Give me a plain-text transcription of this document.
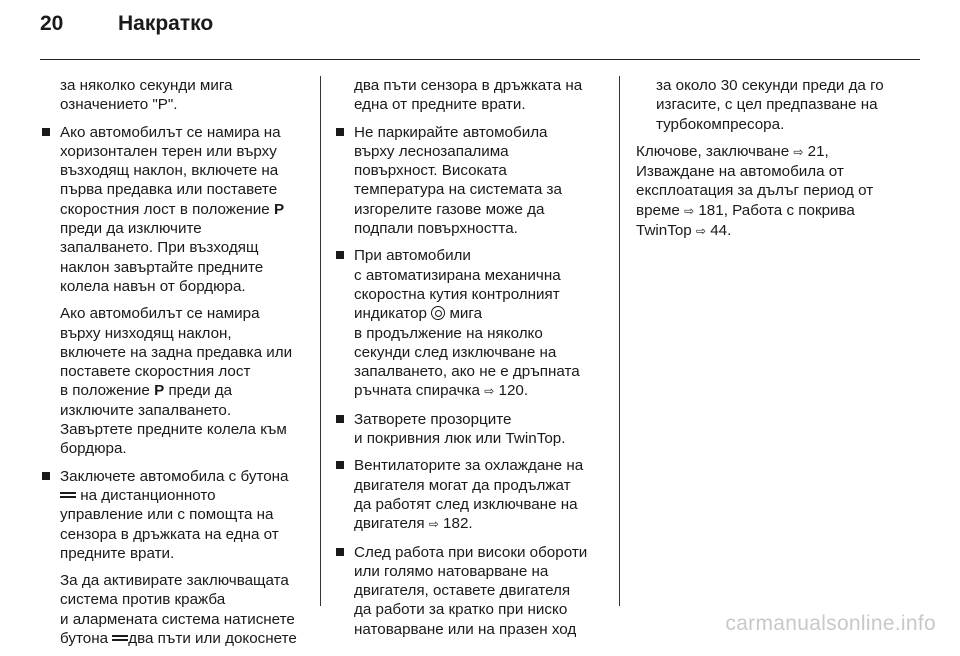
20	Накратко
за няколко секунди мига
означението "P".
Ако автомобилът се намира на
хоризонтален терен или върху
възходящ наклон, включете на
първа предавка или поставете
скоростния лост в положение P
преди да изключите
запалването. При възходящ
наклон завъртайте предните
колела навън от бордюра.
Ако автомобилът се намира
върху низходящ наклон,
включете на задна предавка или
поставете скоростния лост
в положение P преди да
изключите запалването.
Завъртете предните колела към
бордюра.
Заключете автомобила с бутона
на дистанционното
управление или с помощта на
сензора в дръжката на една от
предните врати.
За да активирате заключващата
система против кражба
и алармената система натиснете
бутона два пъти или докоснете
два пъти сензора в дръжката на
една от предните врати.
Не паркирайте автомобила
върху леснозапалима
повърхност. Високата
температура на системата за
изгорелите газове може да
подпали повърхността.
При автомобили
с автоматизирана механична
скоростна кутия контролният
индикатор  мига
в продължение на няколко
секунди след изключване на
запалването, ако не е дръпната
ръчната спирачка ⇨ 120.
Затворете прозорците
и покривния люк или TwinTop.
Вентилаторите за охлаждане на
двигателя могат да продължат
да работят след изключване на
двигателя ⇨ 182.
След работа при високи обороти
или голямо натоварване на
двигателя, оставете двигателя
да работи за кратко при ниско
натоварване или на празен ход
за около 30 секунди преди да го
изгасите, с цел предпазване на
турбокомпресора.
Ключове, заключване ⇨ 21,
Изваждане на автомобила от
експлоатация за дълъг период от
време ⇨ 181, Работа с покрива
TwinTop ⇨ 44.
carmanualsonline.info
